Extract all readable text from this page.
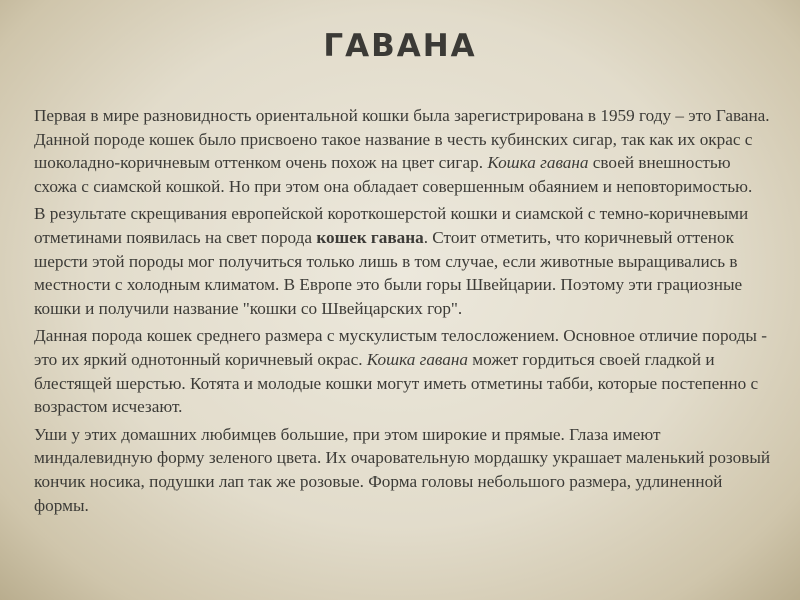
ГАВАНА

Первая в мире разновидность ориентальной кошки была зарегистрирована в 1959 году – это Гавана. Данной породе кошек было присвоено такое название в честь кубинских сигар, так как их окрас с шоколадно-коричневым оттенком очень похож на цвет сигар. Кошка гавана своей внешностью схожа с сиамской кошкой. Но при этом она обладает совершенным обаянием и неповторимостью.

В результате скрещивания европейской короткошерстой кошки и сиамской с темно-коричневыми отметинами появилась на свет порода кошек гавана. Стоит отметить, что коричневый оттенок шерсти этой породы мог получиться только лишь в том случае, если животные выращивались в местности с холодным климатом. В Европе это были горы Швейцарии. Поэтому эти грациозные кошки и получили название "кошки со Швейцарских гор".

Данная порода кошек среднего размера с мускулистым телосложением. Основное отличие породы - это их яркий однотонный коричневый окрас. Кошка гавана может гордиться своей гладкой и блестящей шерстью. Котята и молодые кошки могут иметь отметины табби, которые постепенно с возрастом исчезают.

Уши у этих домашних любимцев большие, при этом широкие и прямые. Глаза имеют миндалевидную форму зеленого цвета. Их очаровательную мордашку украшает маленький розовый кончик носика, подушки лап так же розовые. Форма головы небольшого размера, удлиненной формы.
